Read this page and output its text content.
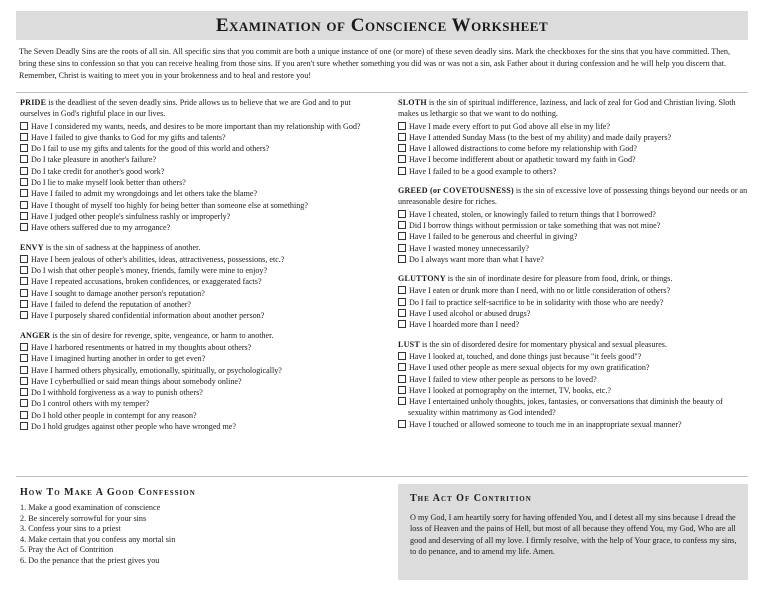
Examination of Conscience Worksheet
The Seven Deadly Sins are the roots of all sin. All specific sins that you commit are both a unique instance of one (or more) of these seven deadly sins. Mark the checkboxes for the sins that you have committed. Then, bring these sins to confession so that you can receive healing from those sins. If you aren't sure whether something you did was or was not a sin, ask Father about it during confession and he will help you discern that. Remember, Christ is waiting to meet you in your brokenness and to heal and restore you!
PRIDE is the deadliest of the seven deadly sins. Pride allows us to believe that we are God and to put ourselves in God's rightful place in our lives.
Have I considered my wants, needs, and desires to be more important than my relationship with God?
Have I failed to give thanks to God for my gifts and talents?
Do I fail to use my gifts and talents for the good of this world and others?
Do I take pleasure in another's failure?
Do I take credit for another's good work?
Do I lie to make myself look better than others?
Have I failed to admit my wrongdoings and let others take the blame?
Have I thought of myself too highly for being better than someone else at something?
Have I judged other people's sinfulness rashly or improperly?
Have others suffered due to my arrogance?
ENVY is the sin of sadness at the happiness of another.
Have I been jealous of other's abilities, ideas, attractiveness, possessions, etc.?
Do I wish that other people's money, friends, family were mine to enjoy?
Have I repeated accusations, broken confidences, or exaggerated facts?
Have I sought to damage another person's reputation?
Have I failed to defend the reputation of another?
Have I purposely shared confidential information about another person?
ANGER is the sin of desire for revenge, spite, vengeance, or harm to another.
Have I harbored resentments or hatred in my thoughts about others?
Have I imagined hurting another in order to get even?
Have I harmed others physically, emotionally, spiritually, or psychologically?
Have I cyberbullied or said mean things about somebody online?
Do I withhold forgiveness as a way to punish others?
Do I control others with my temper?
Do I hold other people in contempt for any reason?
Do I hold grudges against other people who have wronged me?
SLOTH is the sin of spiritual indifference, laziness, and lack of zeal for God and Christian living. Sloth makes us lethargic so that we want to do nothing.
Have I made every effort to put God above all else in my life?
Have I attended Sunday Mass (to the best of my ability) and made daily prayers?
Have I allowed distractions to come before my relationship with God?
Have I become indifferent about or apathetic toward my faith in God?
Have I failed to be a good example to others?
GREED (or COVETOUSNESS) is the sin of excessive love of possessing things beyond our needs or an unreasonable desire for riches.
Have I cheated, stolen, or knowingly failed to return things that I borrowed?
Did I borrow things without permission or take something that was not mine?
Have I failed to be generous and cheerful in giving?
Have I wasted money unnecessarily?
Do I always want more than what I have?
GLUTTONY is the sin of inordinate desire for pleasure from food, drink, or things.
Have I eaten or drunk more than I need, with no or little consideration of others?
Do I fail to practice self-sacrifice to be in solidarity with those who are needy?
Have I used alcohol or abused drugs?
Have I hoarded more than I need?
LUST is the sin of disordered desire for momentary physical and sexual pleasures.
Have I looked at, touched, and done things just because "it feels good"?
Have I used other people as mere sexual objects for my own gratification?
Have I failed to view other people as persons to be loved?
Have I looked at pornography on the internet, TV, books, etc.?
Have I entertained unholy thoughts, jokes, fantasies, or conversations that diminish the beauty of sexuality within matrimony as God intended?
Have I touched or allowed someone to touch me in an inappropriate sexual manner?
How To Make A Good Confession
1. Make a good examination of conscience
2. Be sincerely sorrowful for your sins
3. Confess your sins to a priest
4. Make certain that you confess any mortal sin
5. Pray the Act of Contrition
6. Do the penance that the priest gives you
The Act Of Contrition
O my God, I am heartily sorry for having offended You, and I detest all my sins because I dread the loss of Heaven and the pains of Hell, but most of all because they offend You, my God, Who are all good and deserving of all my love. I firmly resolve, with the help of Your grace, to confess my sins, to do penance, and to amend my life. Amen.
